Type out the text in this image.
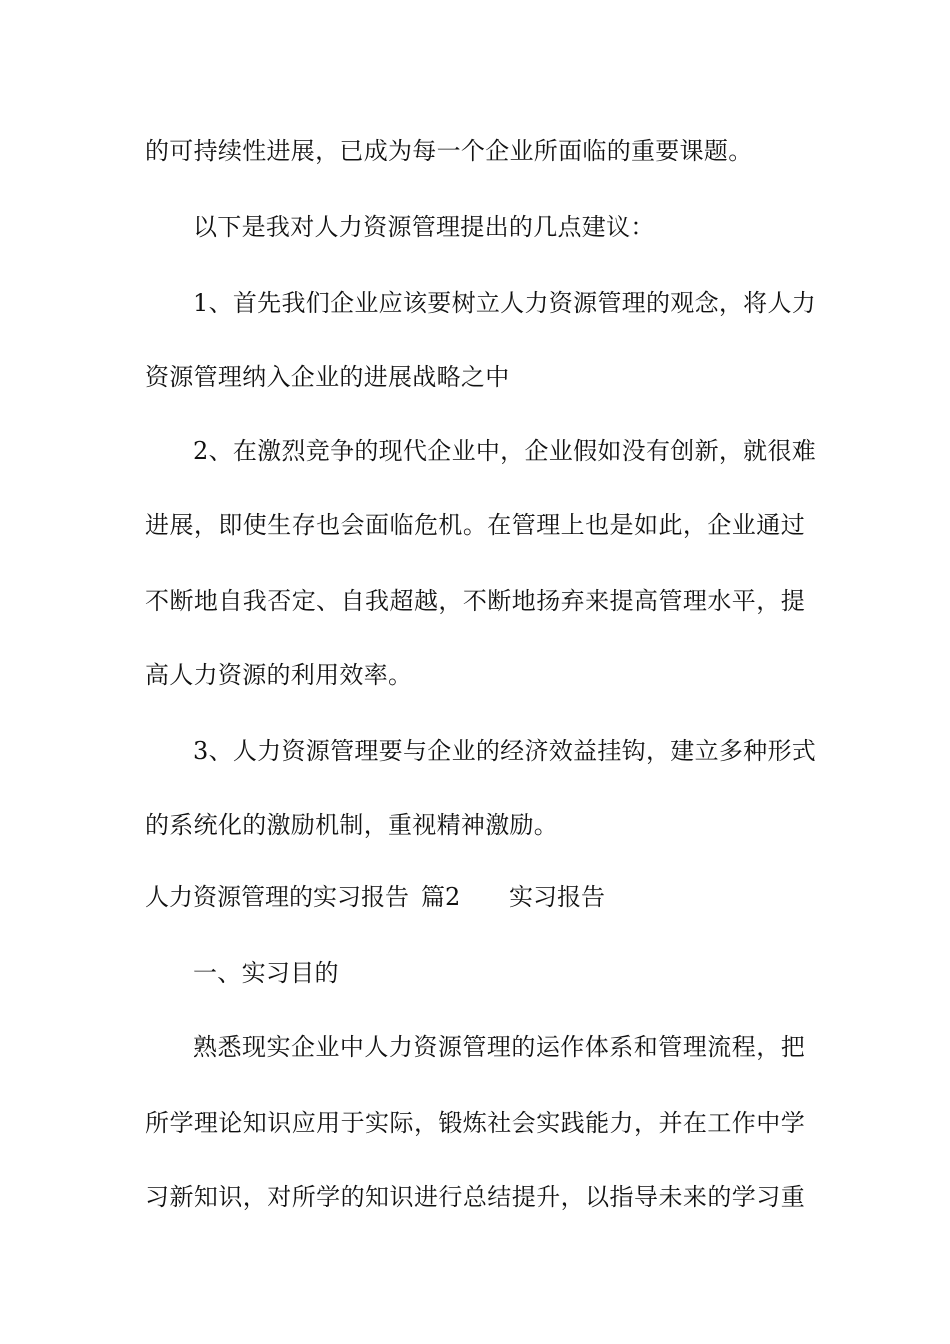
的可持续性进展，已成为每一个企业所面临的重要课题。
以下是我对人力资源管理提出的几点建议：
1、首先我们企业应该要树立人力资源管理的观念，将人力
资源管理纳入企业的进展战略之中
2、在激烈竞争的现代企业中，企业假如没有创新，就很难
进展，即使生存也会面临危机。在管理上也是如此，企业通过
不断地自我否定、自我超越，不断地扬弃来提高管理水平，提
高人力资源的利用效率。
3、人力资源管理要与企业的经济效益挂钩，建立多种形式
的系统化的激励机制，重视精神激励。
人力资源管理的实习报告 篇2 实习报告
一、实习目的
熟悉现实企业中人力资源管理的运作体系和管理流程，把
所学理论知识应用于实际，锻炼社会实践能力，并在工作中学
习新知识，对所学的知识进行总结提升，以指导未来的学习重
